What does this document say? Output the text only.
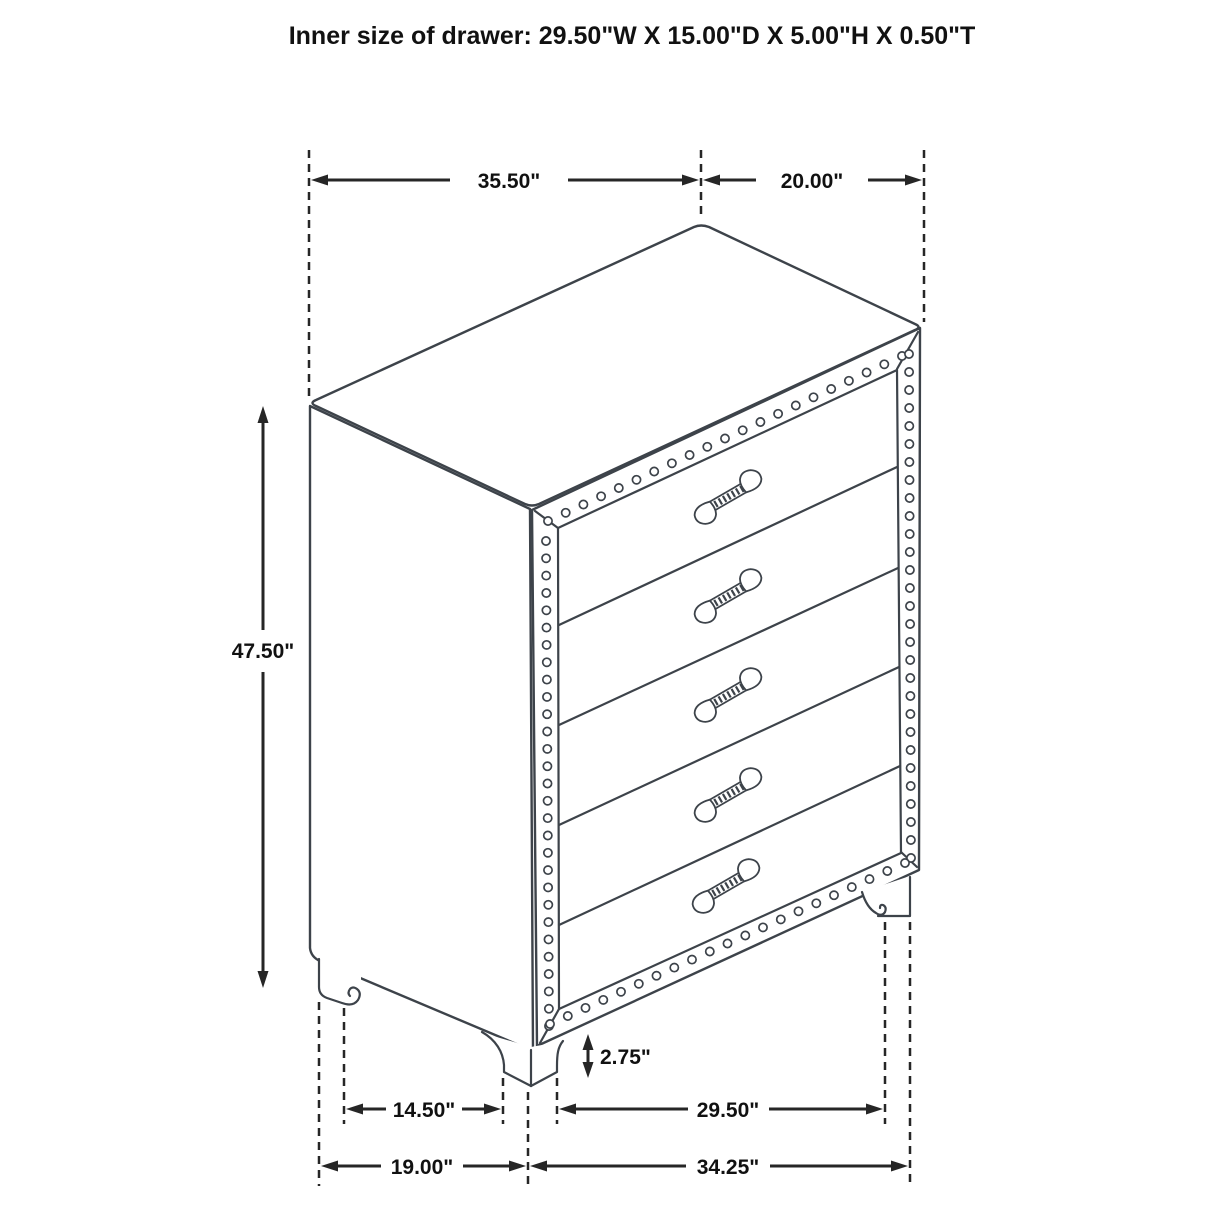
35.50"	20.00"
47.50"
2.75"
14.50"	29.50"
19.00"	34.25"
Inner size of drawer: 29.50"W X 15.00"D X 5.00"H X 0.50"T
